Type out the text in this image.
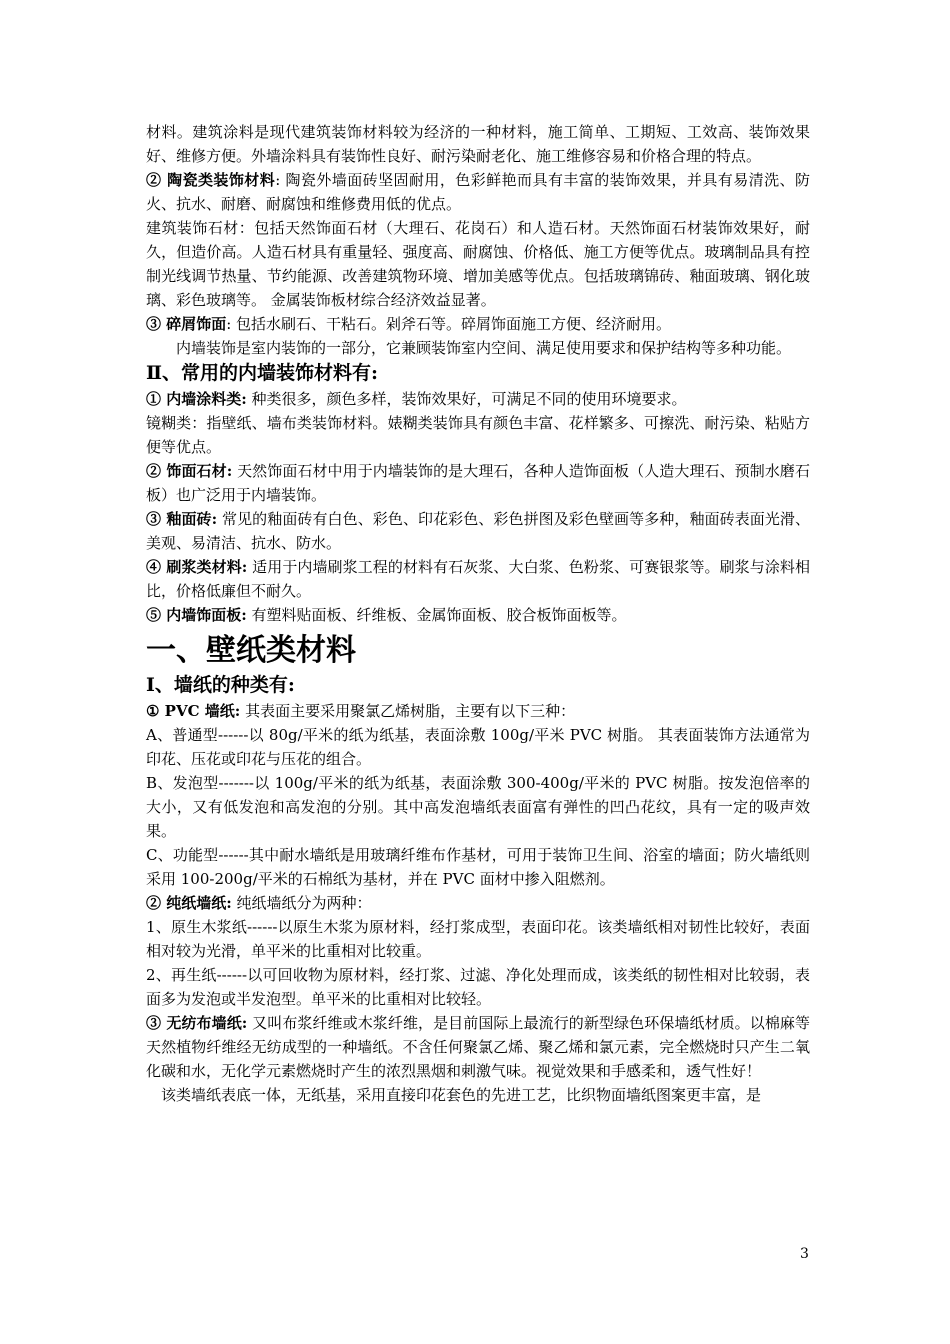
材料。建筑涂料是现代建筑装饰材料较为经济的一种材料，施工简单、工期短、工效高、装饰效果好、维修方便。外墙涂料具有装饰性良好、耐污染耐老化、施工维修容易和价格合理的特点。

② 陶瓷类装饰材料: 陶瓷外墙面砖坚固耐用，色彩鲜艳而具有丰富的装饰效果，并具有易清洗、防火、抗水、耐磨、耐腐蚀和维修费用低的优点。

建筑装饰石材：包括天然饰面石材（大理石、花岗石）和人造石材。天然饰面石材装饰效果好，耐久，但造价高。人造石材具有重量轻、强度高、耐腐蚀、价格低、施工方便等优点。玻璃制品具有控制光线调节热量、节约能源、改善建筑物环境、增加美感等优点。包括玻璃锦砖、釉面玻璃、钢化玻璃、彩色玻璃等。 金属装饰板材综合经济效益显著。

③ 碎屑饰面: 包括水刷石、干粘石。剁斧石等。碎屑饰面施工方便、经济耐用。

内墙装饰是室内装饰的一部分，它兼顾装饰室内空间、满足使用要求和保护结构等多种功能。

Ⅱ、常用的内墙装饰材料有:

① 内墙涂料类: 种类很多，颜色多样，装饰效果好，可满足不同的使用环境要求。

镜糊类：指壁纸、墙布类装饰材料。婊糊类装饰具有颜色丰富、花样繁多、可擦洗、耐污染、粘贴方便等优点。

② 饰面石材: 天然饰面石材中用于内墙装饰的是大理石，各种人造饰面板（人造大理石、预制水磨石板）也广泛用于内墙装饰。

③ 釉面砖: 常见的釉面砖有白色、彩色、印花彩色、彩色拼图及彩色壁画等多种，釉面砖表面光滑、美观、易清洁、抗水、防水。

④ 刷浆类材料: 适用于内墙刷浆工程的材料有石灰浆、大白浆、色粉浆、可赛银浆等。刷浆与涂料相比，价格低廉但不耐久。

⑤ 内墙饰面板: 有塑料贴面板、纤维板、金属饰面板、胶合板饰面板等。

一、壁纸类材料

Ⅰ、墙纸的种类有:

① PVC 墙纸: 其表面主要采用聚氯乙烯树脂，主要有以下三种：

A、普通型------以 80g/平米的纸为纸基，表面涂敷 100g/平米 PVC 树脂。 其表面装饰方法通常为印花、压花或印花与压花的组合。

B、发泡型-------以 100g/平米的纸为纸基，表面涂敷 300-400g/平米的 PVC 树脂。按发泡倍率的大小，又有低发泡和高发泡的分别。其中高发泡墙纸表面富有弹性的凹凸花纹，具有一定的吸声效果。

C、功能型------其中耐水墙纸是用玻璃纤维布作基材，可用于装饰卫生间、浴室的墙面；防火墙纸则采用 100-200g/平米的石棉纸为基材，并在 PVC 面材中掺入阻燃剂。

② 纯纸墙纸: 纯纸墙纸分为两种：

1、原生木浆纸------以原生木浆为原材料，经打浆成型，表面印花。该类墙纸相对韧性比较好，表面相对较为光滑，单平米的比重相对比较重。

2、再生纸------以可回收物为原材料，经打浆、过滤、净化处理而成，该类纸的韧性相对比较弱，表面多为发泡或半发泡型。单平米的比重相对比较轻。

③ 无纺布墙纸: 又叫布浆纤维或木浆纤维，是目前国际上最流行的新型绿色环保墙纸材质。以棉麻等天然植物纤维经无纺成型的一种墙纸。不含任何聚氯乙烯、聚乙烯和氯元素，完全燃烧时只产生二氧化碳和水，无化学元素燃烧时产生的浓烈黑烟和刺激气味。视觉效果和手感柔和，透气性好！

该类墙纸表底一体，无纸基，采用直接印花套色的先进工艺，比织物面墙纸图案更丰富，是

3
